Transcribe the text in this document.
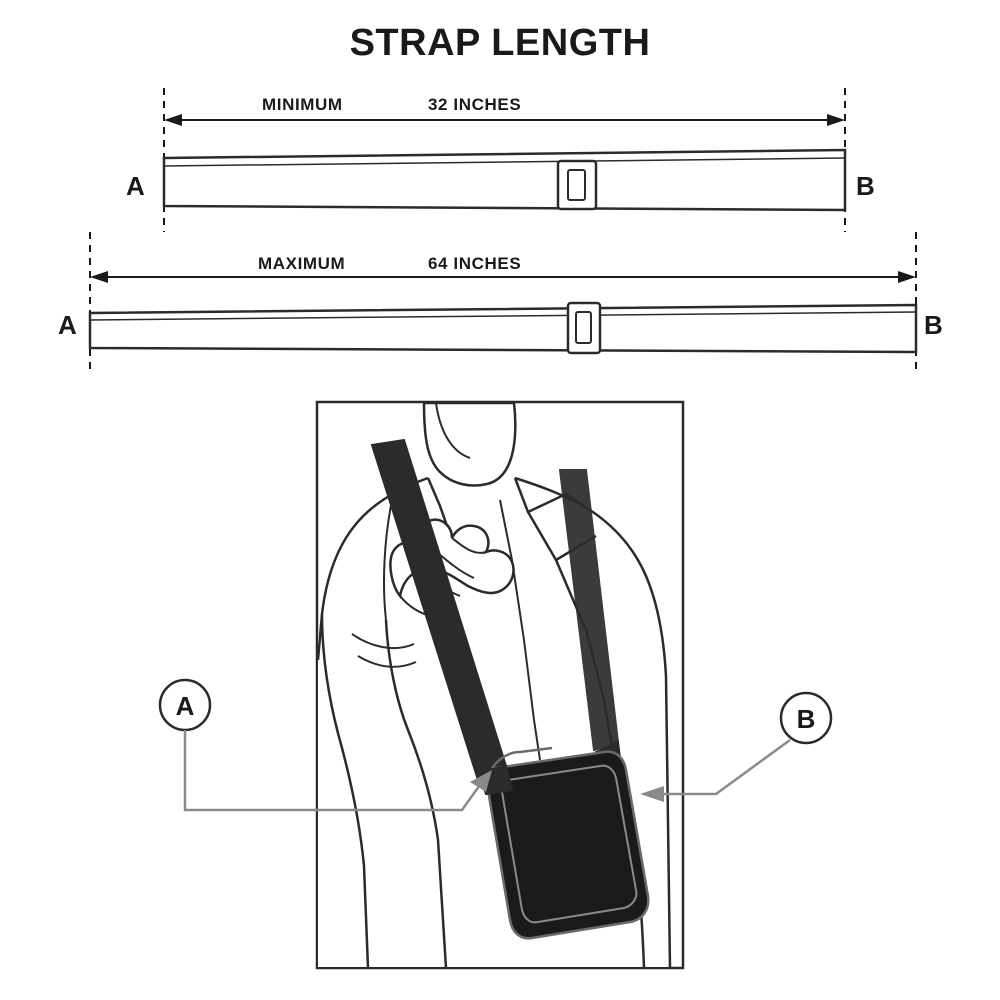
STRAP LENGTH
MINIMUM	32 INCHES
A	B
MAXIMUM	64 INCHES
A	B
A	B
